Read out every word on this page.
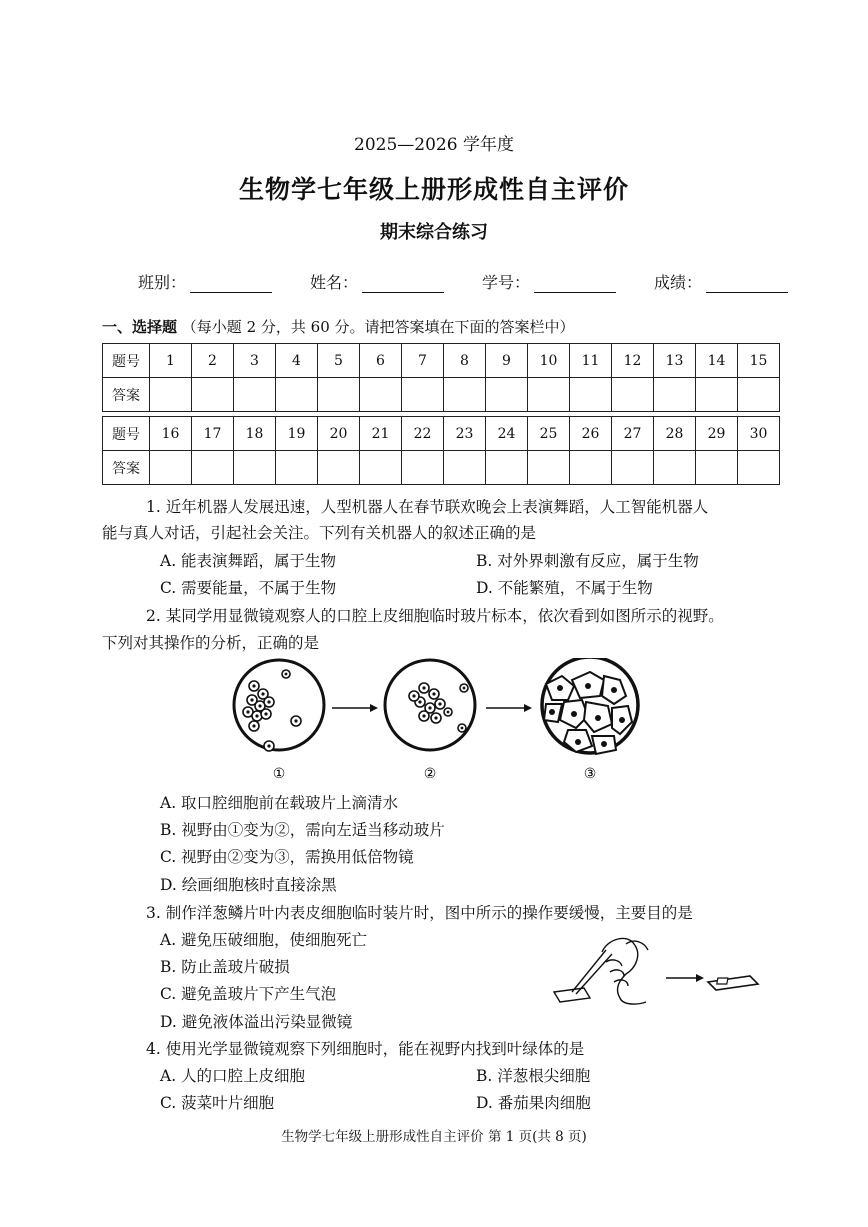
2025—2026 学年度
生物学七年级上册形成性自主评价
期末综合练习
班别：	姓名：	学号：	成绩：
一、选择题 （每小题 2 分，共 60 分。请把答案填在下面的答案栏中）
题号	1	2	3	4	5	6	7	8	9	10	11	12	13	14	15
答案															
题号	16	17	18	19	20	21	22	23	24	25	26	27	28	29	30
答案															
1. 近年机器人发展迅速，人型机器人在春节联欢晚会上表演舞蹈，人工智能机器人
能与真人对话，引起社会关注。下列有关机器人的叙述正确的是
A. 能表演舞蹈，属于生物	B. 对外界刺激有反应，属于生物
C. 需要能量，不属于生物	D. 不能繁殖，不属于生物
2. 某同学用显微镜观察人的口腔上皮细胞临时玻片标本，依次看到如图所示的视野。
下列对其操作的分析，正确的是
①	②	③
A. 取口腔细胞前在载玻片上滴清水
B. 视野由①变为②，需向左适当移动玻片
C. 视野由②变为③，需换用低倍物镜
D. 绘画细胞核时直接涂黑
3. 制作洋葱鳞片叶内表皮细胞临时装片时，图中所示的操作要缓慢，主要目的是
A. 避免压破细胞，使细胞死亡
B. 防止盖玻片破损
C. 避免盖玻片下产生气泡
D. 避免液体溢出污染显微镜
4. 使用光学显微镜观察下列细胞时，能在视野内找到叶绿体的是
A. 人的口腔上皮细胞	B. 洋葱根尖细胞
C. 菠菜叶片细胞	D. 番茄果肉细胞
生物学七年级上册形成性自主评价 第 1 页(共 8 页)
